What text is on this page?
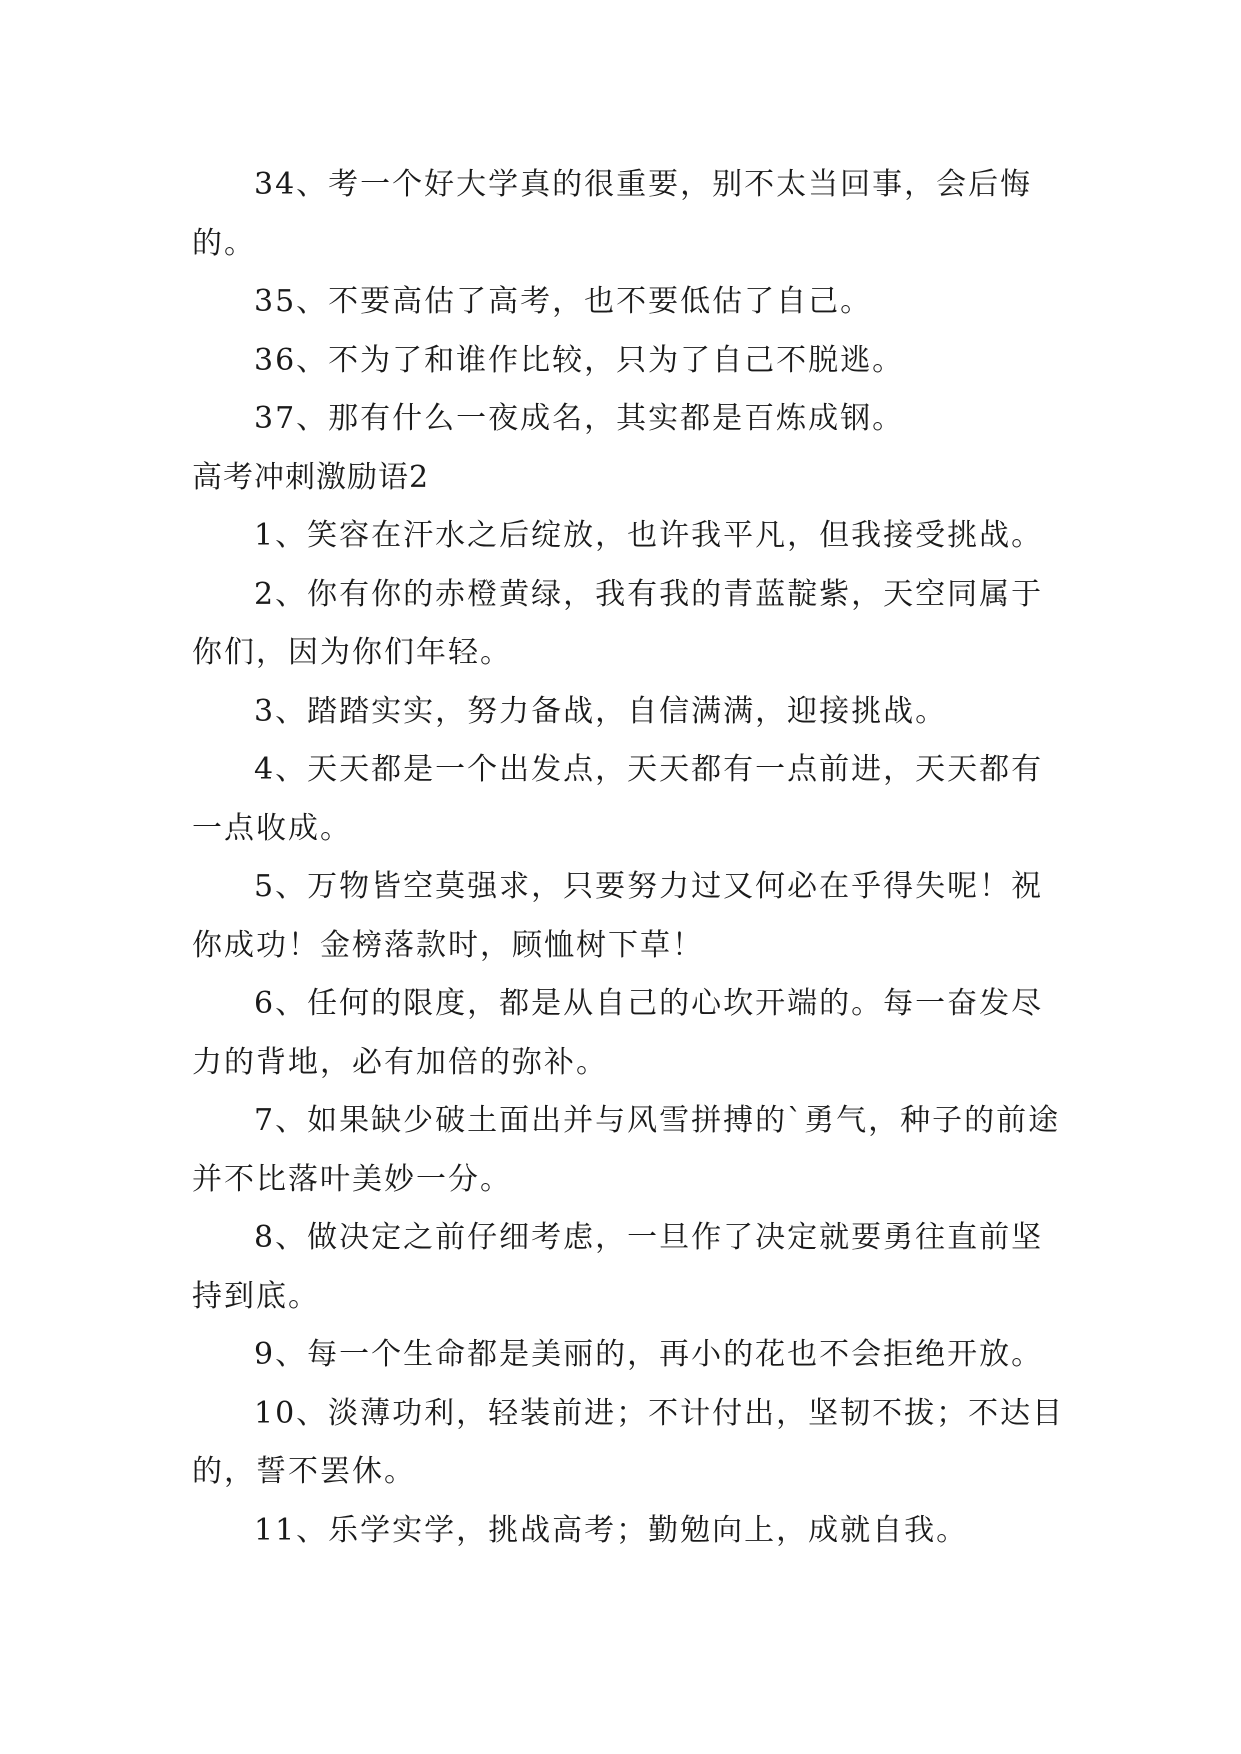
34、考一个好大学真的很重要，别不太当回事，会后悔的。

35、不要高估了高考，也不要低估了自己。

36、不为了和谁作比较，只为了自己不脱逃。

37、那有什么一夜成名，其实都是百炼成钢。

高考冲刺激励语2

1、笑容在汗水之后绽放，也许我平凡，但我接受挑战。

2、你有你的赤橙黄绿，我有我的青蓝靛紫，天空同属于你们，因为你们年轻。

3、踏踏实实，努力备战，自信满满，迎接挑战。

4、天天都是一个出发点，天天都有一点前进，天天都有一点收成。

5、万物皆空莫强求，只要努力过又何必在乎得失呢！祝你成功！金榜落款时，顾恤树下草！

6、任何的限度，都是从自己的心坎开端的。每一奋发尽力的背地，必有加倍的弥补。

7、如果缺少破土面出并与风雪拼搏的`勇气，种子的前途并不比落叶美妙一分。

8、做决定之前仔细考虑，一旦作了决定就要勇往直前坚持到底。

9、每一个生命都是美丽的，再小的花也不会拒绝开放。

10、淡薄功利，轻装前进；不计付出，坚韧不拔；不达目的，誓不罢休。

11、乐学实学，挑战高考；勤勉向上，成就自我。
